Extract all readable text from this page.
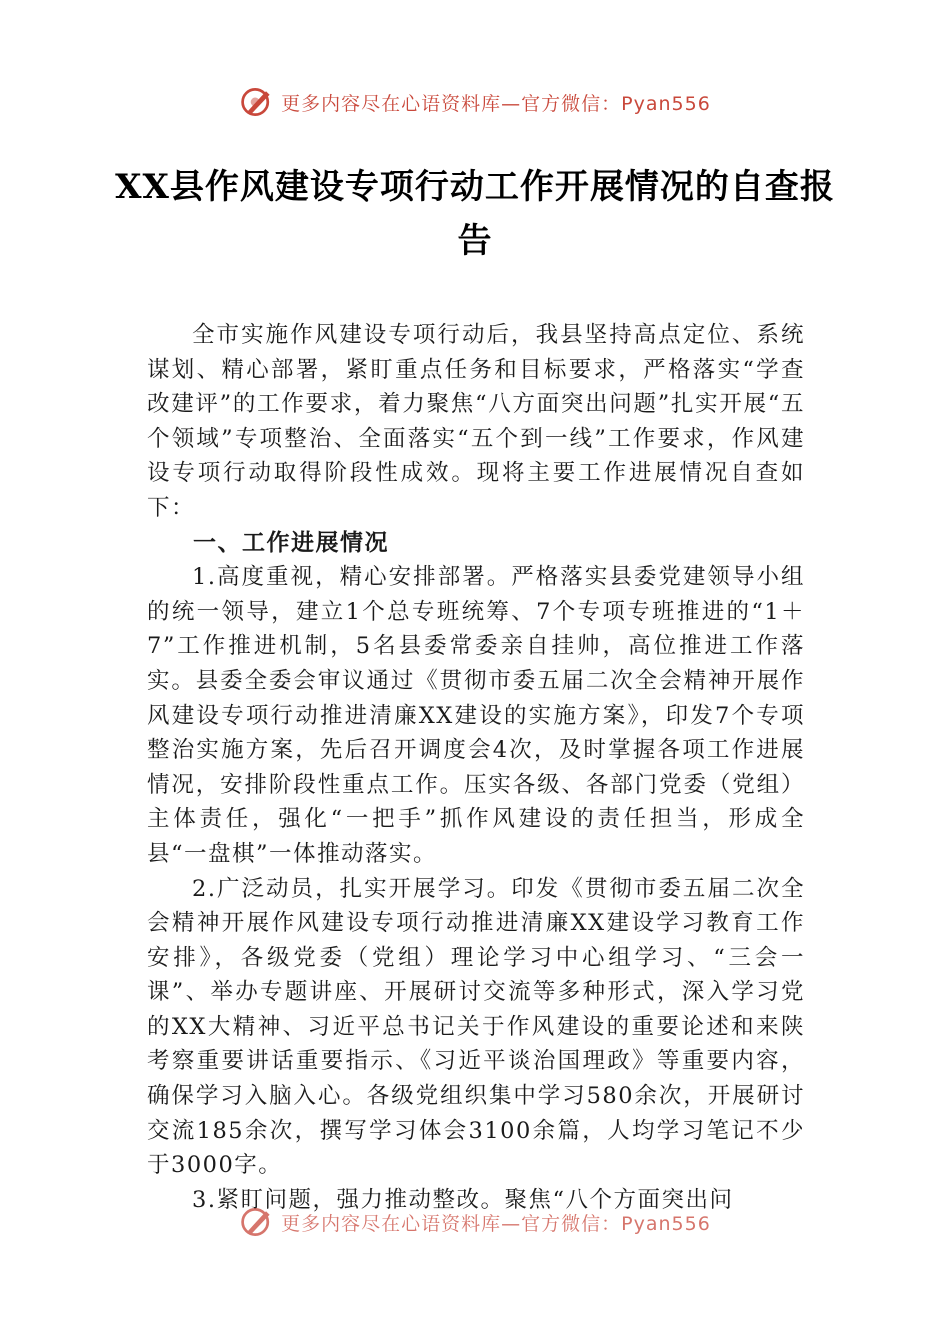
更多内容尽在心语资料库—官方微信：Pyan556
XX县作风建设专项行动工作开展情况的自查报告

全市实施作风建设专项行动后，我县坚持高点定位、系统谋划、精心部署，紧盯重点任务和目标要求，严格落实“学查改建评”的工作要求，着力聚焦“八方面突出问题”扎实开展“五个领域”专项整治、全面落实“五个到一线”工作要求，作风建设专项行动取得阶段性成效。现将主要工作进展情况自查如下：

一、工作进展情况

1.高度重视，精心安排部署。严格落实县委党建领导小组的统一领导，建立1个总专班统筹、7个专项专班推进的“1＋7”工作推进机制，5名县委常委亲自挂帅，高位推进工作落实。县委全委会审议通过《贯彻市委五届二次全会精神开展作风建设专项行动推进清廉XX建设的实施方案》，印发7个专项整治实施方案，先后召开调度会4次，及时掌握各项工作进展情况，安排阶段性重点工作。压实各级、各部门党委（党组）主体责任，强化“一把手”抓作风建设的责任担当，形成全县“一盘棋”一体推动落实。

2.广泛动员，扎实开展学习。印发《贯彻市委五届二次全会精神开展作风建设专项行动推进清廉XX建设学习教育工作安排》，各级党委（党组）理论学习中心组学习、“三会一课”、举办专题讲座、开展研讨交流等多种形式，深入学习党的XX大精神、习近平总书记关于作风建设的重要论述和来陕考察重要讲话重要指示、《习近平谈治国理政》等重要内容，确保学习入脑入心。各级党组织集中学习580余次，开展研讨交流185余次，撰写学习体会3100余篇，人均学习笔记不少于3000字。

3.紧盯问题，强力推动整改。聚焦“八个方面突出问

更多内容尽在心语资料库—官方微信：Pyan556
